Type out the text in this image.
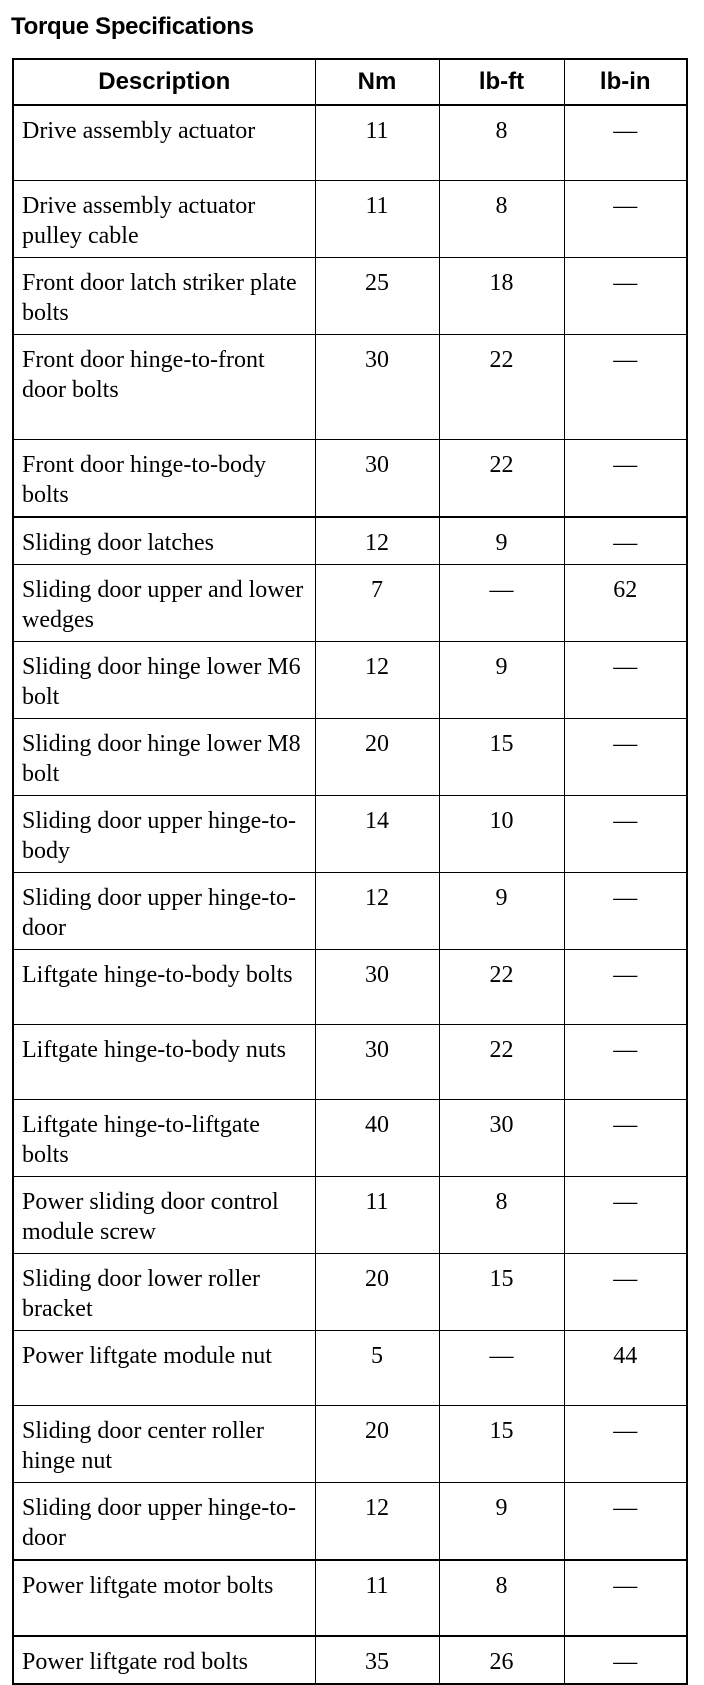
Torque Specifications
Description	Nm	lb-ft	lb-in
Drive assembly actuator	11	8	—
Drive assembly actuator pulley cable	11	8	—
Front door latch striker plate bolts	25	18	—
Front door hinge-to-front door bolts	30	22	—
Front door hinge-to-body bolts	30	22	—
Sliding door latches	12	9	—
Sliding door upper and lower wedges	7	—	62
Sliding door hinge lower M6 bolt	12	9	—
Sliding door hinge lower M8 bolt	20	15	—
Sliding door upper hinge-to-body	14	10	—
Sliding door upper hinge-to-door	12	9	—
Liftgate hinge-to-body bolts	30	22	—
Liftgate hinge-to-body nuts	30	22	—
Liftgate hinge-to-liftgate bolts	40	30	—
Power sliding door control module screw	11	8	—
Sliding door lower roller bracket	20	15	—
Power liftgate module nut	5	—	44
Sliding door center roller hinge nut	20	15	—
Sliding door upper hinge-to-door	12	9	—
Power liftgate motor bolts	11	8	—
Power liftgate rod bolts	35	26	—
